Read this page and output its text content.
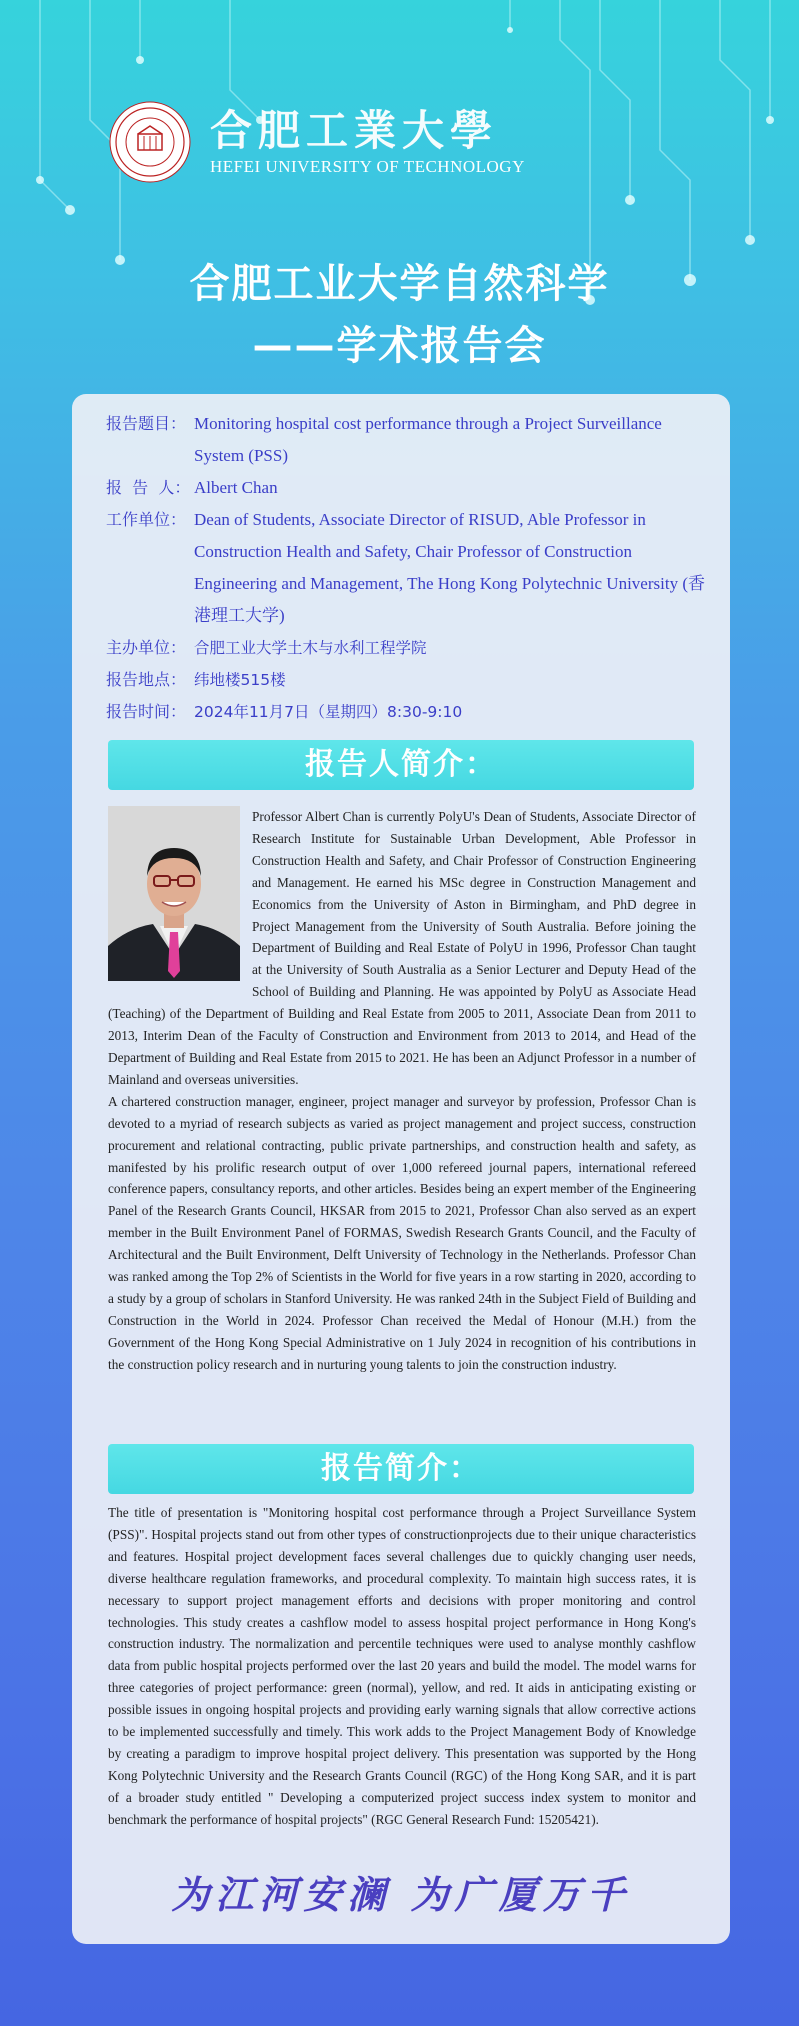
合肥工業大學
HEFEI UNIVERSITY OF TECHNOLOGY
合肥工业大学自然科学
——学术报告会
报告题目： Monitoring hospital cost performance through a Project Surveillance System (PSS)
报  告  人： Albert Chan
工作单位： Dean of Students, Associate Director of RISUD, Able Professor in Construction Health and Safety, Chair Professor of Construction Engineering and Management, The Hong Kong Polytechnic University (香港理工大学)
主办单位： 合肥工业大学土木与水利工程学院
报告地点： 纬地楼515楼
报告时间： 2024年11月7日（星期四）8:30-9:10
报告人简介：

Professor Albert Chan is currently PolyU's Dean of Students, Associate Director of Research Institute for Sustainable Urban Development, Able Professor in Construction Health and Safety, and Chair Professor of Construction Engineering and Management. He earned his MSc degree in Construction Management and Economics from the University of Aston in Birmingham, and PhD degree in Project Management from the University of South Australia. Before joining the Department of Building and Real Estate of PolyU in 1996, Professor Chan taught at the University of South Australia as a Senior Lecturer and Deputy Head of the School of Building and Planning. He was appointed by PolyU as Associate Head (Teaching) of the Department of Building and Real Estate from 2005 to 2011, Associate Dean from 2011 to 2013, Interim Dean of the Faculty of Construction and Environment from 2013 to 2014, and Head of the Department of Building and Real Estate from 2015 to 2021. He has been an Adjunct Professor in a number of Mainland and overseas universities.

A chartered construction manager, engineer, project manager and surveyor by profession, Professor Chan is devoted to a myriad of research subjects as varied as project management and project success, construction procurement and relational contracting, public private partnerships, and construction health and safety, as manifested by his prolific research output of over 1,000 refereed journal papers, international refereed conference papers, consultancy reports, and other articles. Besides being an expert member of the Engineering Panel of the Research Grants Council, HKSAR from 2015 to 2021, Professor Chan also served as an expert member in the Built Environment Panel of FORMAS, Swedish Research Grants Council, and the Faculty of Architectural and the Built Environment, Delft University of Technology in the Netherlands. Professor Chan was ranked among the Top 2% of Scientists in the World for five years in a row starting in 2020, according to a study by a group of scholars in Stanford University. He was ranked 24th in the Subject Field of Building and Construction in the World in 2024. Professor Chan received the Medal of Honour (M.H.) from the Government of the Hong Kong Special Administrative on 1 July 2024 in recognition of his contributions in the construction policy research and in nurturing young talents to join the construction industry.

报告简介：

The title of presentation is "Monitoring hospital cost performance through a Project Surveillance System (PSS)". Hospital projects stand out from other types of constructionprojects due to their unique characteristics and features. Hospital project development faces several challenges due to quickly changing user needs, diverse healthcare regulation frameworks, and procedural complexity. To maintain high success rates, it is necessary to support project management efforts and decisions with proper monitoring and control technologies. This study creates a cashflow model to assess hospital project performance in Hong Kong's construction industry. The normalization and percentile techniques were used to analyse monthly cashflow data from public hospital projects performed over the last 20 years and build the model. The model warns for three categories of project performance: green (normal), yellow, and red. It aids in anticipating existing or possible issues in ongoing hospital projects and providing early warning signals that allow corrective actions to be implemented successfully and timely. This work adds to the Project Management Body of Knowledge by creating a paradigm to improve hospital project delivery. This presentation was supported by the Hong Kong Polytechnic University and the Research Grants Council (RGC) of the Hong Kong SAR, and it is part of a broader study entitled " Developing a computerized project success index system to monitor and benchmark the performance of hospital projects" (RGC General Research Fund: 15205421).

为江河安澜 为广厦万千
